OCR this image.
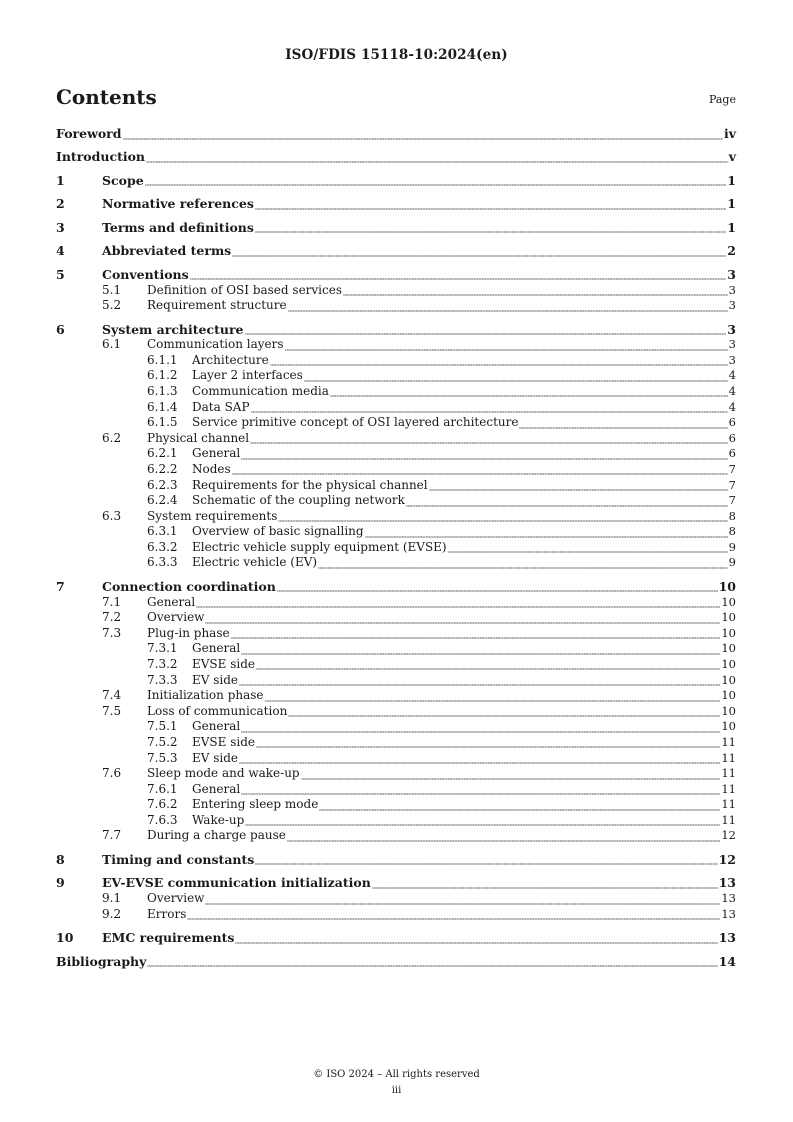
ISO/FDIS 15118-10:2024(en)
Contents	Page
Foreword	iv
Introduction	v
1	Scope	1
2	Normative references	1
3	Terms and definitions	1
4	Abbreviated terms	2
5	Conventions	3
5.1	Definition of OSI based services	3
5.2	Requirement structure	3
6	System architecture	3
6.1	Communication layers	3
6.1.1	Architecture	3
6.1.2	Layer 2 interfaces	4
6.1.3	Communication media	4
6.1.4	Data SAP	4
6.1.5	Service primitive concept of OSI layered architecture	6
6.2	Physical channel	6
6.2.1	General	6
6.2.2	Nodes	7
6.2.3	Requirements for the physical channel	7
6.2.4	Schematic of the coupling network	7
6.3	System requirements	8
6.3.1	Overview of basic signalling	8
6.3.2	Electric vehicle supply equipment (EVSE)	9
6.3.3	Electric vehicle (EV)	9
7	Connection coordination	10
7.1	General	10
7.2	Overview	10
7.3	Plug-in phase	10
7.3.1	General	10
7.3.2	EVSE side	10
7.3.3	EV side	10
7.4	Initialization phase	10
7.5	Loss of communication	10
7.5.1	General	10
7.5.2	EVSE side	11
7.5.3	EV side	11
7.6	Sleep mode and wake-up	11
7.6.1	General	11
7.6.2	Entering sleep mode	11
7.6.3	Wake-up	11
7.7	During a charge pause	12
8	Timing and constants	12
9	EV-EVSE communication initialization	13
9.1	Overview	13
9.2	Errors	13
10	EMC requirements	13
Bibliography	14
© ISO 2024 – All rights reserved
iii
